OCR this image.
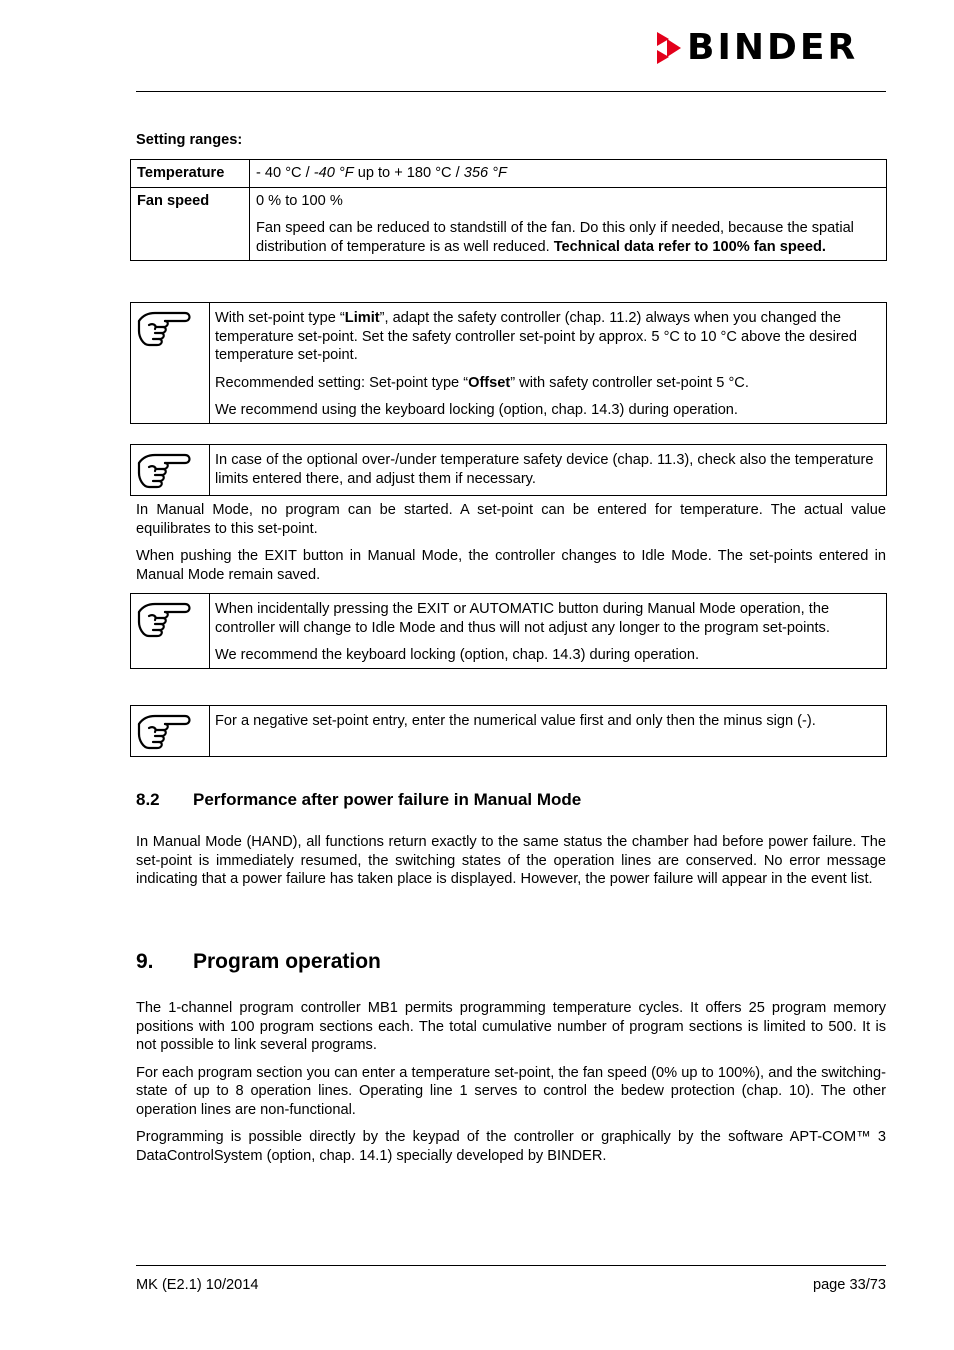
BINDER
Setting ranges:
Temperature	- 40 °C / -40 °F up to + 180 °C / 356 °F
Fan speed	0 % to 100 %

Fan speed can be reduced to standstill of the fan. Do this only if needed, because the spatial distribution of temperature is as well reduced. Technical data refer to 100% fan speed.

With set-point type “Limit”, adapt the safety controller (chap. 11.2) always when you changed the temperature set-point. Set the safety controller set-point by approx. 5 °C to 10 °C above the desired temperature set-point.

Recommended setting: Set-point type “Offset” with safety controller set-point 5 °C.

We recommend using the keyboard locking (option, chap. 14.3) during operation.

In case of the optional over-/under temperature safety device (chap. 11.3), check also the temperature limits entered there, and adjust them if necessary.

In Manual Mode, no program can be started. A set-point can be entered for temperature. The actual value equilibrates to this set-point.

When pushing the EXIT button in Manual Mode, the controller changes to Idle Mode. The set-points entered in Manual Mode remain saved.

When incidentally pressing the EXIT or AUTOMATIC button during Manual Mode operation, the controller will change to Idle Mode and thus will not adjust any longer to the program set-points.

We recommend the keyboard locking (option, chap. 14.3) during operation.

For a negative set-point entry, enter the numerical value first and only then the minus sign (-).

8.2 Performance after power failure in Manual Mode

In Manual Mode (HAND), all functions return exactly to the same status the chamber had before power failure. The set-point is immediately resumed, the switching states of the operation lines are conserved. No error message indicating that a power failure has taken place is displayed. However, the power failure will appear in the event list.

9. Program operation

The 1-channel program controller MB1 permits programming temperature cycles. It offers 25 program memory positions with 100 program sections each. The total cumulative number of program sections is limited to 500. It is not possible to link several programs.

For each program section you can enter a temperature set-point, the fan speed (0% up to 100%), and the switching-state of up to 8 operation lines. Operating line 1 serves to control the bedew protection (chap. 10). The other operation lines are non-functional.

Programming is possible directly by the keypad of the controller or graphically by the software APT-COM™ 3 DataControlSystem (option, chap. 14.1) specially developed by BINDER.

MK (E2.1) 10/2014	page 33/73
